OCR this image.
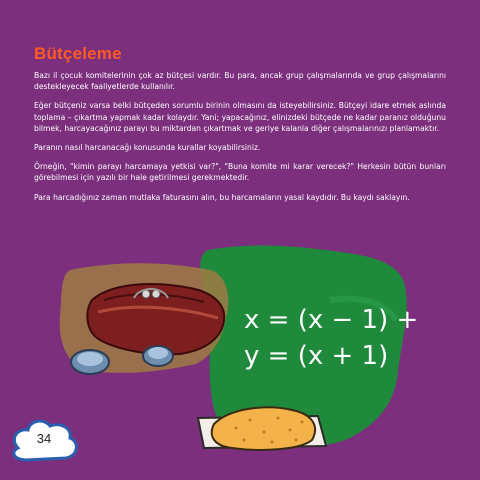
Bütçeleme

Bazı il çocuk komitelerinin çok az bütçesi vardır. Bu para, ancak grup çalışmalarında ve grup çalışmalarını destekleyecek faaliyetlerde kullanılır.

Eğer bütçeniz varsa belki bütçeden sorumlu birinin olmasını da isteyebilirsiniz. Bütçeyi idare etmek aslında toplama – çıkartma yapmak kadar kolaydır. Yani; yapacağınız, elinizdeki bütçede ne kadar paranız olduğunu bilmek, harcayacağınız parayı bu miktardan çıkartmak ve geriye kalanla diğer çalışmalarınızı planlamaktır.

Paranın nasıl harcanacağı konusunda kurallar koyabilirsiniz.

Örneğin, "kimin parayı harcamaya yetkisi var?", "Buna komite mi karar verecek?" Herkesin bütün bunları görebilmesi için yazılı bir hale getirilmesi gerekmektedir.

Para harcadığınız zaman mutlaka faturasını alın, bu harcamaların yasal kaydıdır. Bu kaydı saklayın.

x = (x − 1) +
y = (x + 1)
34
